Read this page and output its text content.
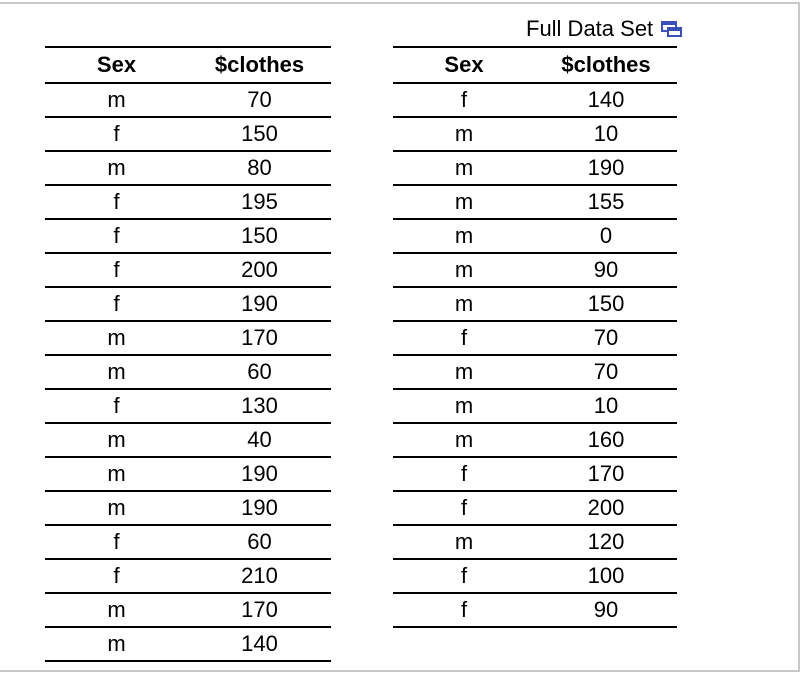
Full Data Set
Sex	$clothes
m	70
f	150
m	80
f	195
f	150
f	200
f	190
m	170
m	60
f	130
m	40
m	190
m	190
f	60
f	210
m	170
m	140
Sex	$clothes
f	140
m	10
m	190
m	155
m	0
m	90
m	150
f	70
m	70
m	10
m	160
f	170
f	200
m	120
f	100
f	90
